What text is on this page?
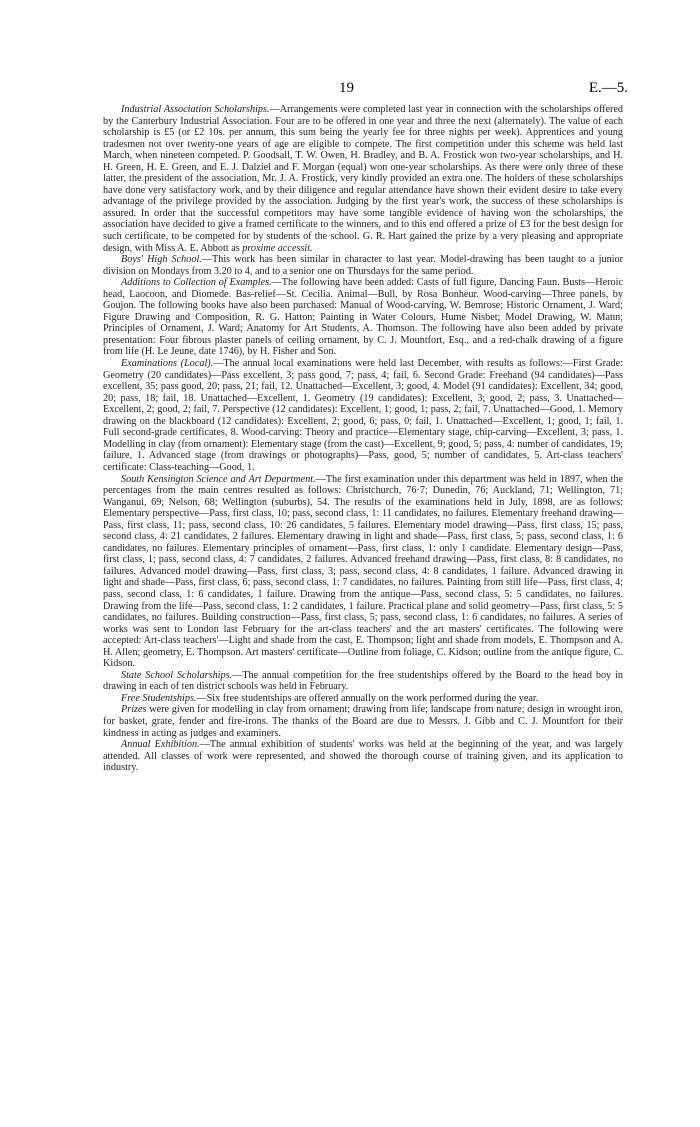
19	E.—5.

Industrial Association Scholarships.—Arrangements were completed last year in connection with the scholarships offered by the Canterbury Industrial Association. Four are to be offered in one year and three the next (alternately). The value of each scholarship is £5 (or £2 10s. per annum, this sum being the yearly fee for three nights per week). Apprentices and young tradesmen not over twenty-one years of age are eligible to compete. The first competition under this scheme was held last March, when nineteen competed. P. Goodsall, T. W. Owen, H. Bradley, and B. A. Frostick won two-year scholarships, and H. H. Green, H. E. Green, and E. J. Dalziel and F. Morgan (equal) won one-year scholarships. As there were only three of these latter, the president of the association, Mr. J. A. Frostick, very kindly provided an extra one. The holders of these scholarships have done very satisfactory work, and by their diligence and regular attendance have shown their evident desire to take every advantage of the privilege provided by the association. Judging by the first year's work, the success of these scholarships is assured. In order that the successful competitors may have some tangible evidence of having won the scholarships, the association have decided to give a framed certificate to the winners, and to this end offered a prize of £3 for the best design for such certificate, to be competed for by students of the school. G. R. Hart gained the prize by a very pleasing and appropriate design, with Miss A. E. Abbott as proxime accessit.

Boys' High School.—This work has been similar in character to last year. Model-drawing has been taught to a junior division on Mondays from 3.20 to 4, and to a senior one on Thursdays for the same period.

Additions to Collection of Examples.—The following have been added: Casts of full figure, Dancing Faun. Busts—Heroic head, Laocoon, and Diomede. Bas-relief—St. Cecilia. Animal—Bull, by Rosa Bonheur. Wood-carving—Three panels, by Goujon. The following books have also been purchased: Manual of Wood-carving, W. Bemrose; Historic Ornament, J. Ward; Figure Drawing and Composition, R. G. Hatton; Painting in Water Colours, Hume Nisbet; Model Drawing, W. Mann; Principles of Ornament, J. Ward; Anatomy for Art Students, A. Thomson. The following have also been added by private presentation: Four fibrous plaster panels of ceiling ornament, by C. J. Mountfort, Esq., and a red-chalk drawing of a figure from life (H. Le Jeune, date 1746), by H. Fisher and Son.

Examinations (Local).—The annual local examinations were held last December, with results as follows:—First Grade: Geometry (20 candidates)—Pass excellent, 3; pass good, 7; pass, 4; fail, 6. Second Grade: Freehand (94 candidates)—Pass excellent, 35; pass good, 20; pass, 21; fail, 12. Unattached—Excellent, 3; good, 4. Model (91 candidates): Excellent, 34; good, 20; pass, 18; fail, 18. Unattached—Excellent, 1. Geometry (19 candidates): Excellent, 3; good, 2; pass, 3. Unattached—Excellent, 2; good, 2; fail, 7. Perspective (12 candidates): Excellent, 1; good, 1; pass, 2; fail, 7. Unattached—Good, 1. Memory drawing on the blackboard (12 candidates): Excellent, 2; good, 6; pass, 0; fail, 1. Unattached—Excellent, 1; good, 1; fail, 1. Full second-grade certificates, 8. Wood-carving: Theory and practice—Elementary stage, chip-carving—Excellent, 3; pass, 1. Modelling in clay (from ornament): Elementary stage (from the cast)—Excellent, 9; good, 5; pass, 4: number of candidates, 19; failure, 1. Advanced stage (from drawings or photographs)—Pass, good, 5; number of candidates, 5. Art-class teachers' certificate: Class-teaching—Good, 1.

South Kensington Science and Art Department.—The first examination under this department was held in 1897, when the percentages from the main centres resulted as follows: Christchurch, 76·7; Dunedin, 76; Auckland, 71; Wellington, 71; Wanganui, 69; Nelson, 68; Wellington (suburbs), 54. The results of the examinations held in July, 1898, are as follows: Elementary perspective—Pass, first class, 10; pass, second class, 1: 11 candidates, no failures. Elementary freehand drawing—Pass, first class, 11; pass, second class, 10: 26 candidates, 5 failures. Elementary model drawing—Pass, first class, 15; pass, second class, 4: 21 candidates, 2 failures. Elementary drawing in light and shade—Pass, first class, 5; pass, second class, 1: 6 candidates, no failures. Elementary principles of ornament—Pass, first class, 1: only 1 candidate. Elementary design—Pass, first class, 1; pass, second class, 4: 7 candidates, 2 failures. Advanced freehand drawing—Pass, first class, 8: 8 candidates, no failures. Advanced model drawing—Pass, first class, 3; pass, second class, 4: 8 candidates, 1 failure. Advanced drawing in light and shade—Pass, first class, 6; pass, second class, 1: 7 candidates, no failures. Painting from still life—Pass, first class, 4; pass, second class, 1: 6 candidates, 1 failure. Drawing from the antique—Pass, second class, 5: 5 candidates, no failures. Drawing from the life—Pass, second class, 1: 2 candidates, 1 failure. Practical plane and solid geometry—Pass, first class, 5: 5 candidates, no failures. Building construction—Pass, first class, 5; pass, second class, 1: 6 candidates, no failures. A series of works was sent to London last February for the art-class teachers' and the art masters' certificates. The following were accepted: Art-class teachers'—Light and shade from the cast, E. Thompson; light and shade from models, E. Thompson and A. H. Allen; geometry, E. Thompson. Art masters' certificate—Outline from foliage, C. Kidson; outline from the antique figure, C. Kidson.

State School Scholarships.—The annual competition for the free studentships offered by the Board to the head boy in drawing in each of ten district schools was held in February.

Free Studentships.—Six free studentships are offered annually on the work performed during the year.

Prizes were given for modelling in clay from ornament; drawing from life; landscape from nature; design in wrought iron, for basket, grate, fender and fire-irons. The thanks of the Board are due to Messrs. J. Gibb and C. J. Mountfort for their kindness in acting as judges and examiners.

Annual Exhibition.—The annual exhibition of students' works was held at the beginning of the year, and was largely attended. All classes of work were represented, and showed the thorough course of training given, and its application to industry.
